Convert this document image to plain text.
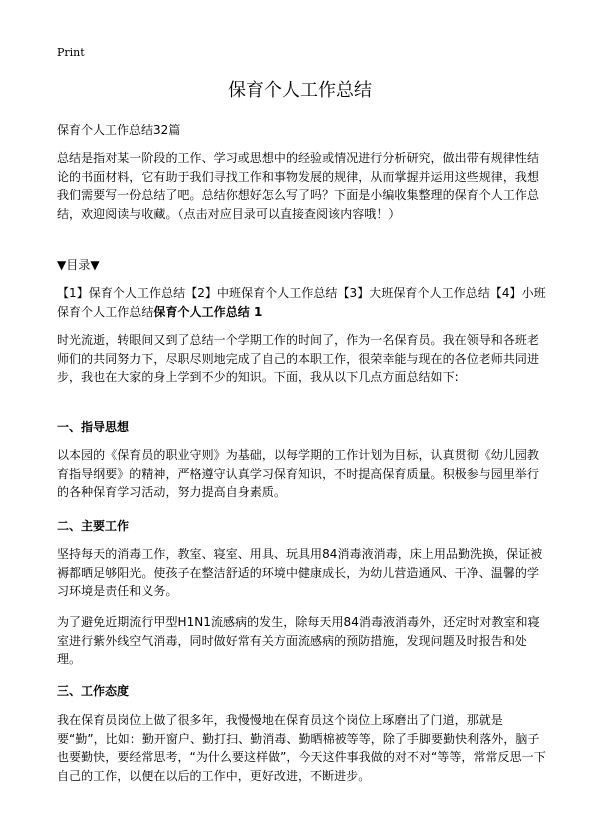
Print
保育个人工作总结
保育个人工作总结32篇

总结是指对某一阶段的工作、学习或思想中的经验或情况进行分析研究，做出带有规律性结论的书面材料，它有助于我们寻找工作和事物发展的规律，从而掌握并运用这些规律，我想我们需要写一份总结了吧。总结你想好怎么写了吗？下面是小编收集整理的保育个人工作总结，欢迎阅读与收藏。（点击对应目录可以直接查阅该内容哦！）

▼目录▼
【1】保育个人工作总结【2】中班保育个人工作总结【3】大班保育个人工作总结【4】小班保育个人工作总结保育个人工作总结 1

时光流逝，转眼间又到了总结一个学期工作的时间了，作为一名保育员。我在领导和各班老师们的共同努力下，尽职尽则地完成了自己的本职工作，很荣幸能与现在的各位老师共同进步，我也在大家的身上学到不少的知识。下面，我从以下几点方面总结如下:

一、指导思想

以本园的《保育员的职业守则》为基础，以每学期的工作计划为目标，认真贯彻《幼儿园教育指导纲要》的精神，严格遵守认真学习保育知识，不时提高保育质量。积极参与园里举行的各种保育学习活动，努力提高自身素质。

二、主要工作

坚持每天的消毒工作，教室、寝室、用具、玩具用84消毒液消毒，床上用品勤洗换，保证被褥都晒足够阳光。使孩子在整洁舒适的环境中健康成长，为幼儿营造通风、干净、温馨的学习环境是责任和义务。

为了避免近期流行甲型H1N1流感病的发生，除每天用84消毒液消毒外，还定时对教室和寝室进行紫外线空气消毒，同时做好常有关方面流感病的预防措施，发现问题及时报告和处理。

三、工作态度

我在保育员岗位上做了很多年，我慢慢地在保育员这个岗位上琢磨出了门道，那就是要“勤”，比如：勤开窗户、勤打扫、勤消毒、勤晒棉被等等，除了手脚要勤快利落外，脑子也要勤快，要经常思考，“为什么要这样做”，今天这件事我做的对不对“等等，常常反思一下自己的工作，以便在以后的工作中，更好改进，不断进步。
